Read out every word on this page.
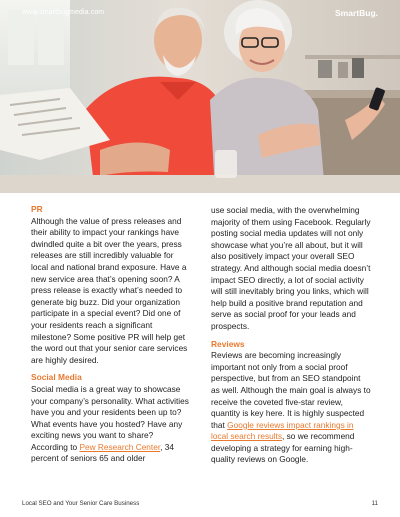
www.smartbugmedia.com	SmartBug.

PR

Although the value of press releases and their ability to impact your rankings have dwindled quite a bit over the years, press releases are still incredibly valuable for local and national brand exposure. Have a new service area that’s opening soon? A press release is exactly what’s needed to generate big buzz. Did your organization participate in a special event? Did one of your residents reach a significant milestone? Some positive PR will help get the word out that your senior care services are highly desired.

Social Media

Social media is a great way to showcase your company’s personality. What activities have you and your residents been up to? What events have you hosted? Have any exciting news you want to share? According to Pew Research Center, 34 percent of seniors 65 and older

use social media, with the overwhelming majority of them using Facebook. Regularly posting social media updates will not only showcase what you’re all about, but it will also positively impact your overall SEO strategy. And although social media doesn’t impact SEO directly, a lot of social activity will still inevitably bring you links, which will help build a positive brand reputation and serve as social proof for your leads and prospects.

Reviews

Reviews are becoming increasingly important not only from a social proof perspective, but from an SEO standpoint as well. Although the main goal is always to receive the coveted five-star review, quantity is key here. It is highly suspected that Google reviews impact rankings in local search results, so we recommend developing a strategy for earning high-quality reviews on Google.

Local SEO and Your Senior Care Business	11
